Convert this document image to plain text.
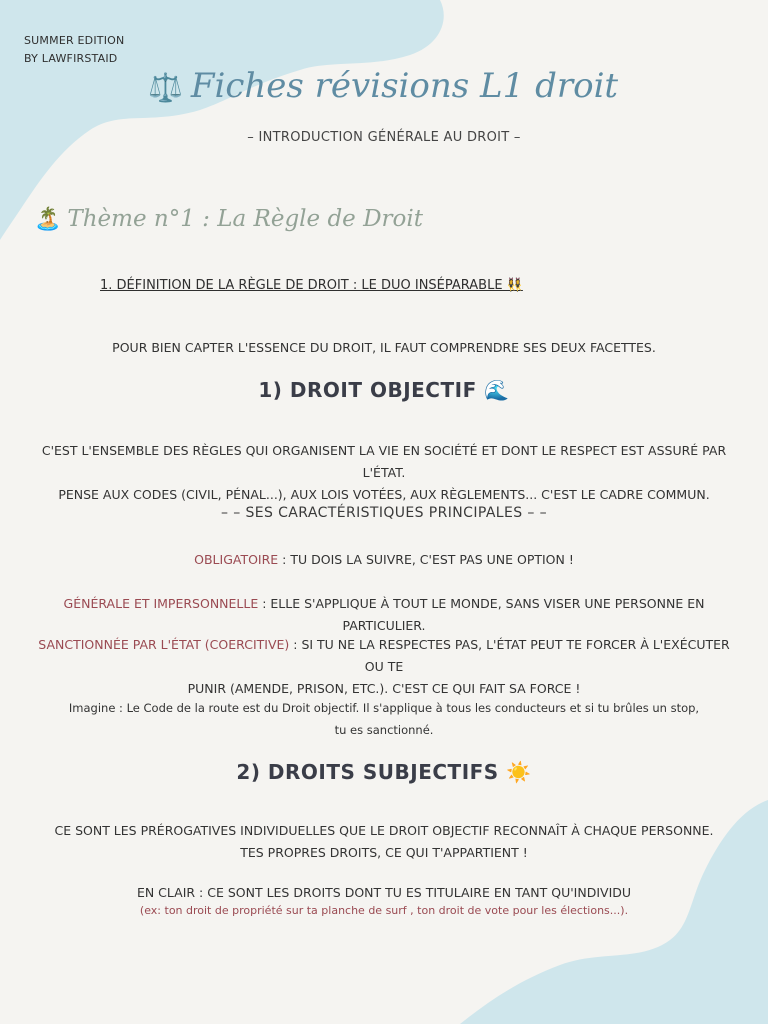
SUMMER EDITION
BY LAWFIRSTAID
⚖️ Fiches révisions L1 droit
– INTRODUCTION GÉNÉRALE AU DROIT –
🏝️ Thème n°1 : La Règle de Droit
1. DÉFINITION DE LA RÈGLE DE DROIT : LE DUO INSÉPARABLE 👯‍♀️
POUR BIEN CAPTER L'ESSENCE DU DROIT, IL FAUT COMPRENDRE SES DEUX FACETTES.
1) DROIT OBJECTIF 🌊
C'EST L'ENSEMBLE DES RÈGLES QUI ORGANISENT LA VIE EN SOCIÉTÉ ET DONT LE RESPECT EST ASSURÉ PAR L'ÉTAT.
PENSE AUX CODES (CIVIL, PÉNAL...), AUX LOIS VOTÉES, AUX RÈGLEMENTS... C'EST LE CADRE COMMUN.
– – SES CARACTÉRISTIQUES PRINCIPALES – –
OBLIGATOIRE : TU DOIS LA SUIVRE, C'EST PAS UNE OPTION !
GÉNÉRALE ET IMPERSONNELLE : ELLE S'APPLIQUE À TOUT LE MONDE, SANS VISER UNE PERSONNE EN PARTICULIER.
SANCTIONNÉE PAR L'ÉTAT (COERCITIVE) : SI TU NE LA RESPECTES PAS, L'ÉTAT PEUT TE FORCER À L'EXÉCUTER OU TE
PUNIR (AMENDE, PRISON, ETC.). C'EST CE QUI FAIT SA FORCE !
Imagine : Le Code de la route est du Droit objectif. Il s'applique à tous les conducteurs et si tu brûles un stop,
tu es sanctionné.
2) DROITS SUBJECTIFS ☀️
CE SONT LES PRÉROGATIVES INDIVIDUELLES QUE LE DROIT OBJECTIF RECONNAÎT À CHAQUE PERSONNE.
TES PROPRES DROITS, CE QUI T'APPARTIENT !
EN CLAIR : CE SONT LES DROITS DONT TU ES TITULAIRE EN TANT QU'INDIVIDU
(ex: ton droit de propriété sur ta planche de surf , ton droit de vote pour les élections...).
